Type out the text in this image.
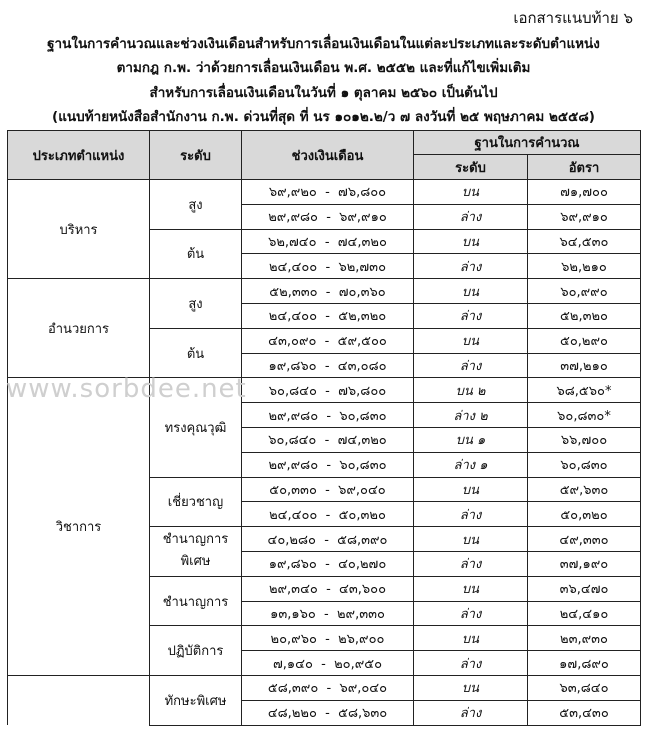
เอกสารแนบท้าย ๖
ฐานในการคำนวณและช่วงเงินเดือนสำหรับการเลื่อนเงินเดือนในแต่ละประเภทและระดับตำแหน่ง
ตามกฎ ก.พ. ว่าด้วยการเลื่อนเงินเดือน พ.ศ. ๒๕๕๒ และที่แก้ไขเพิ่มเติม
สำหรับการเลื่อนเงินเดือนในวันที่ ๑ ตุลาคม ๒๕๖๐ เป็นต้นไป
(แนบท้ายหนังสือสำนักงาน ก.พ. ด่วนที่สุด ที่ นร ๑๐๑๒.๒/ว ๗ ลงวันที่ ๒๕ พฤษภาคม ๒๕๕๘)
www.sorbdee.net
ประเภทตำแหน่ง	ระดับ	ช่วงเงินเดือน	ฐานในการคำนวณ	
			ระดับ	อัตรา
บริหาร	สูง	๖๙,๙๒๐  -  ๗๖,๘๐๐	บน	๗๑,๗๐๐
		๒๙,๙๘๐  -  ๖๙,๙๑๐	ล่าง	๖๙,๙๑๐
	ต้น	๖๒,๗๔๐  -  ๗๔,๓๒๐	บน	๖๔,๕๓๐
		๒๔,๔๐๐  -  ๖๒,๗๓๐	ล่าง	๖๒,๒๑๐
อำนวยการ	สูง	๕๒,๓๓๐  -  ๗๐,๓๖๐	บน	๖๐,๙๙๐
		๒๔,๔๐๐  -  ๕๒,๓๒๐	ล่าง	๕๒,๓๒๐
	ต้น	๔๓,๐๙๐  -  ๕๙,๕๐๐	บน	๕๐,๒๙๐
		๑๙,๘๖๐  -  ๔๓,๐๘๐	ล่าง	๓๗,๒๑๐
วิชาการ	ทรงคุณวุฒิ	๖๐,๘๔๐  -  ๗๖,๘๐๐	บน ๒	๖๘,๕๖๐*
		๒๙,๙๘๐  -  ๖๐,๘๓๐	ล่าง ๒	๖๐,๘๓๐*
		๖๐,๘๔๐  -  ๗๔,๓๒๐	บน ๑	๖๖,๗๐๐
		๒๙,๙๘๐  -  ๖๐,๘๓๐	ล่าง ๑	๖๐,๘๓๐
	เชี่ยวชาญ	๕๐,๓๓๐  -  ๖๙,๐๔๐	บน	๕๙,๖๓๐
		๒๔,๔๐๐  -  ๕๐,๓๒๐	ล่าง	๕๐,๓๒๐
	ชำนาญการพิเศษ	๔๐,๒๘๐  -  ๕๘,๓๙๐	บน	๔๙,๓๓๐
		๑๙,๘๖๐  -  ๔๐,๒๗๐	ล่าง	๓๗,๑๙๐
	ชำนาญการ	๒๙,๓๔๐  -  ๔๓,๖๐๐	บน	๓๖,๔๗๐
		๑๓,๑๖๐  -  ๒๙,๓๓๐	ล่าง	๒๔,๔๑๐
	ปฏิบัติการ	๒๐,๙๖๐  -  ๒๖,๙๐๐	บน	๒๓,๙๓๐
		๗,๑๔๐  -  ๒๐,๙๕๐	ล่าง	๑๗,๘๙๐
	ทักษะพิเศษ	๕๘,๓๙๐  -  ๖๙,๐๔๐	บน	๖๓,๘๔๐
		๔๘,๒๒๐  -  ๕๘,๖๓๐	ล่าง	๕๓,๔๓๐
